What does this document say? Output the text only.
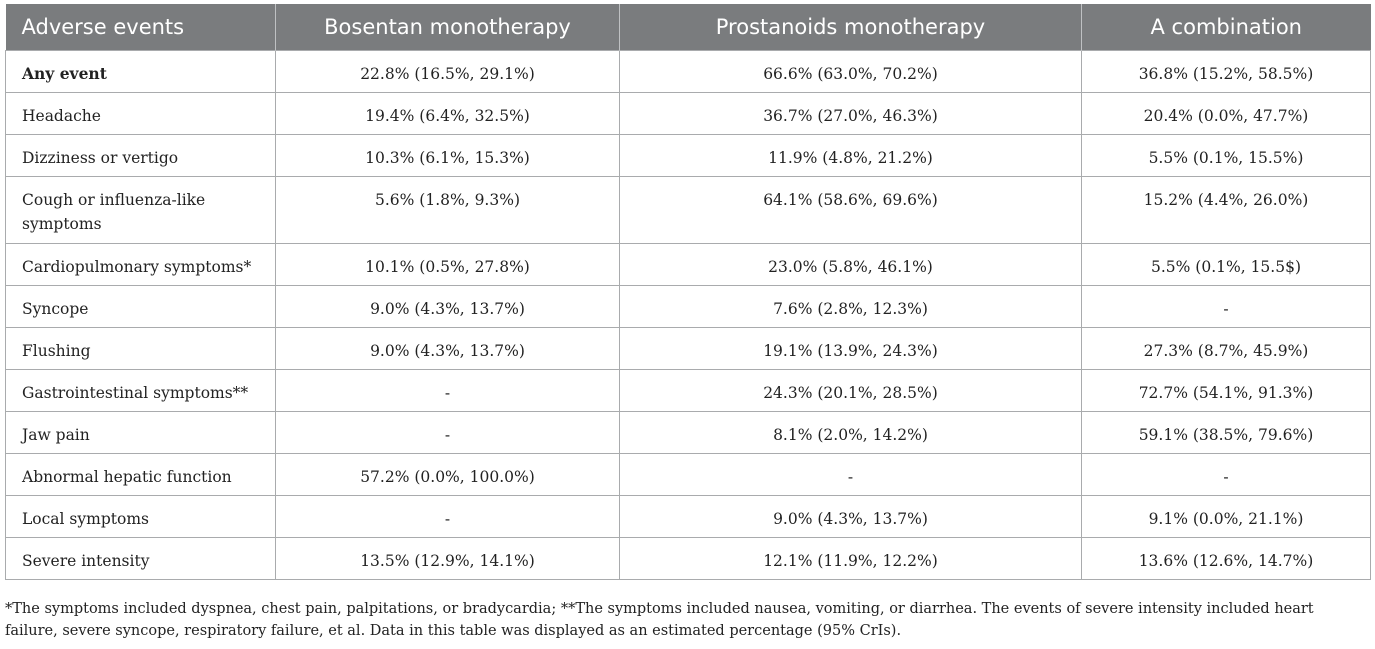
Adverse events	Bosentan monotherapy	Prostanoids monotherapy	A combination
Any event	22.8% (16.5%, 29.1%)	66.6% (63.0%, 70.2%)	36.8% (15.2%, 58.5%)
Headache	19.4% (6.4%, 32.5%)	36.7% (27.0%, 46.3%)	20.4% (0.0%, 47.7%)
Dizziness or vertigo	10.3% (6.1%, 15.3%)	11.9% (4.8%, 21.2%)	5.5% (0.1%, 15.5%)
Cough or influenza-like symptoms	5.6% (1.8%, 9.3%)	64.1% (58.6%, 69.6%)	15.2% (4.4%, 26.0%)
Cardiopulmonary symptoms*	10.1% (0.5%, 27.8%)	23.0% (5.8%, 46.1%)	5.5% (0.1%, 15.5$)
Syncope	9.0% (4.3%, 13.7%)	7.6% (2.8%, 12.3%)	-
Flushing	9.0% (4.3%, 13.7%)	19.1% (13.9%, 24.3%)	27.3% (8.7%, 45.9%)
Gastrointestinal symptoms**	-	24.3% (20.1%, 28.5%)	72.7% (54.1%, 91.3%)
Jaw pain	-	8.1% (2.0%, 14.2%)	59.1% (38.5%, 79.6%)
Abnormal hepatic function	57.2% (0.0%, 100.0%)	-	-
Local symptoms	-	9.0% (4.3%, 13.7%)	9.1% (0.0%, 21.1%)
Severe intensity	13.5% (12.9%, 14.1%)	12.1% (11.9%, 12.2%)	13.6% (12.6%, 14.7%)
*The symptoms included dyspnea, chest pain, palpitations, or bradycardia; **The symptoms included nausea, vomiting, or diarrhea. The events of severe intensity included heart failure, severe syncope, respiratory failure, et al. Data in this table was displayed as an estimated percentage (95% CrIs).
